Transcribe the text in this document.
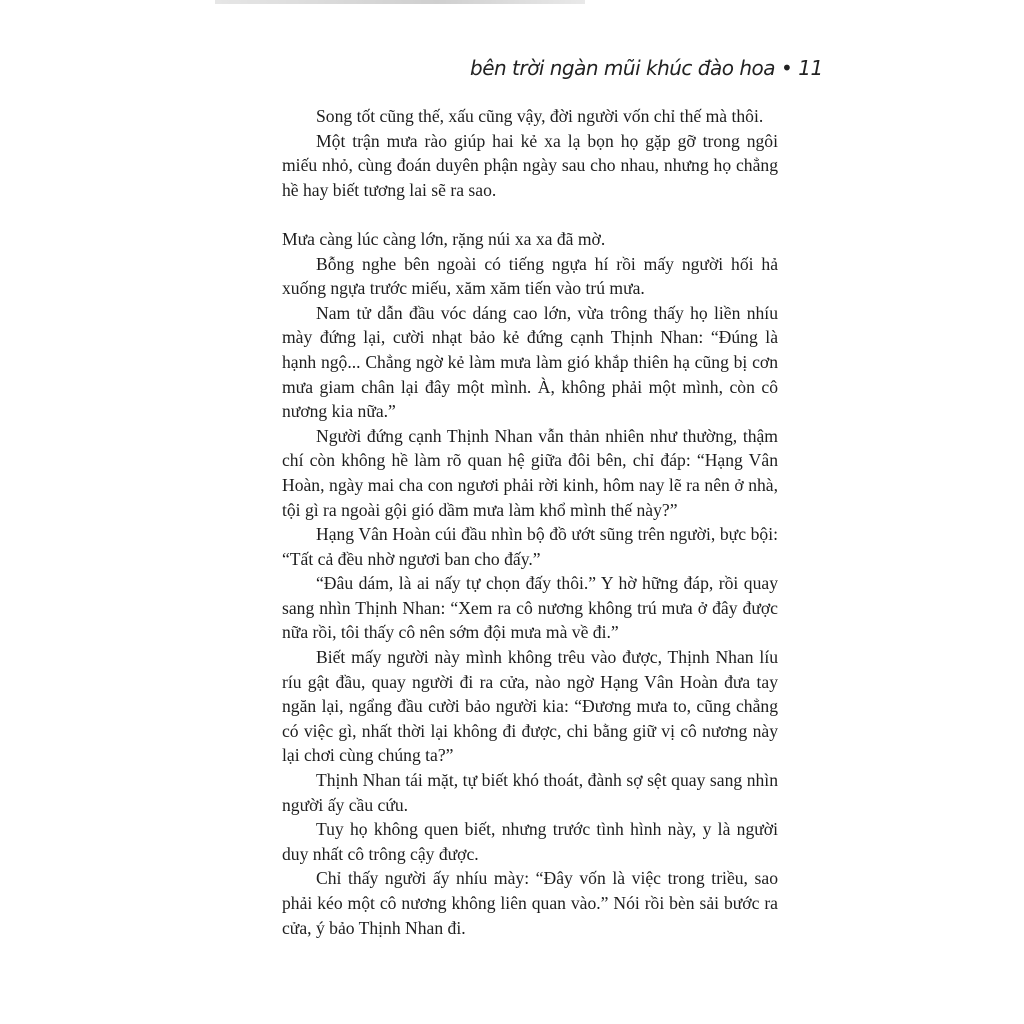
bên trời ngàn mũi khúc đào hoa • 11

Song tốt cũng thế, xấu cũng vậy, đời người vốn chỉ thế mà thôi.

Một trận mưa rào giúp hai kẻ xa lạ bọn họ gặp gỡ trong ngôi miếu nhỏ, cùng đoán duyên phận ngày sau cho nhau, nhưng họ chẳng hề hay biết tương lai sẽ ra sao.

Mưa càng lúc càng lớn, rặng núi xa xa đã mờ.

Bỗng nghe bên ngoài có tiếng ngựa hí rồi mấy người hối hả xuống ngựa trước miếu, xăm xăm tiến vào trú mưa.

Nam tử dẫn đầu vóc dáng cao lớn, vừa trông thấy họ liền nhíu mày đứng lại, cười nhạt bảo kẻ đứng cạnh Thịnh Nhan: “Đúng là hạnh ngộ... Chẳng ngờ kẻ làm mưa làm gió khắp thiên hạ cũng bị cơn mưa giam chân lại đây một mình. À, không phải một mình, còn cô nương kia nữa.”

Người đứng cạnh Thịnh Nhan vẫn thản nhiên như thường, thậm chí còn không hề làm rõ quan hệ giữa đôi bên, chỉ đáp: “Hạng Vân Hoàn, ngày mai cha con ngươi phải rời kinh, hôm nay lẽ ra nên ở nhà, tội gì ra ngoài gội gió dầm mưa làm khổ mình thế này?”

Hạng Vân Hoàn cúi đầu nhìn bộ đồ ướt sũng trên người, bực bội: “Tất cả đều nhờ ngươi ban cho đấy.”

“Đâu dám, là ai nấy tự chọn đấy thôi.” Y hờ hững đáp, rồi quay sang nhìn Thịnh Nhan: “Xem ra cô nương không trú mưa ở đây được nữa rồi, tôi thấy cô nên sớm đội mưa mà về đi.”

Biết mấy người này mình không trêu vào được, Thịnh Nhan líu ríu gật đầu, quay người đi ra cửa, nào ngờ Hạng Vân Hoàn đưa tay ngăn lại, ngẩng đầu cười bảo người kia: “Đương mưa to, cũng chẳng có việc gì, nhất thời lại không đi được, chi bằng giữ vị cô nương này lại chơi cùng chúng ta?”

Thịnh Nhan tái mặt, tự biết khó thoát, đành sợ sệt quay sang nhìn người ấy cầu cứu.

Tuy họ không quen biết, nhưng trước tình hình này, y là người duy nhất cô trông cậy được.

Chỉ thấy người ấy nhíu mày: “Đây vốn là việc trong triều, sao phải kéo một cô nương không liên quan vào.” Nói rồi bèn sải bước ra cửa, ý bảo Thịnh Nhan đi.
